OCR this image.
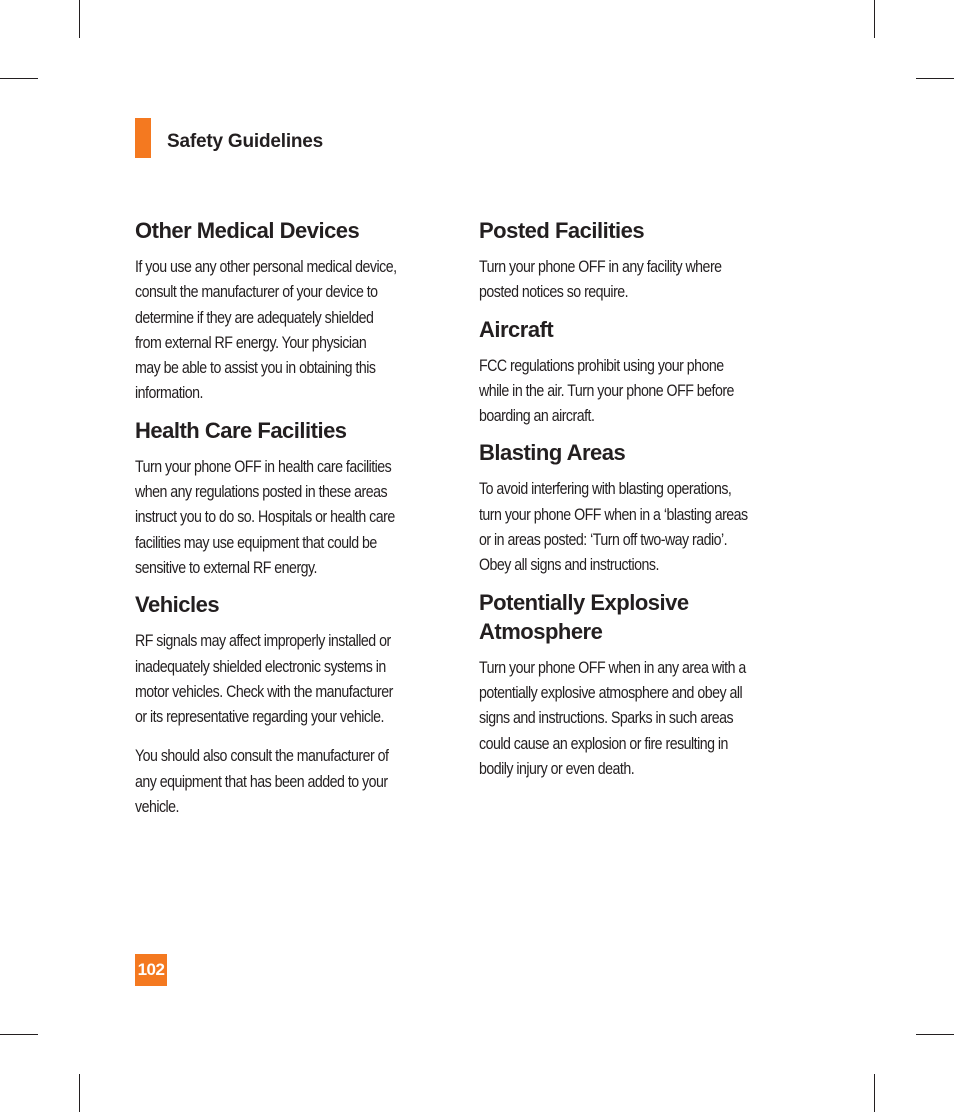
Safety Guidelines
Other Medical Devices

If you use any other personal medical device,
consult the manufacturer of your device to
determine if they are adequately shielded
from external RF energy. Your physician
may be able to assist you in obtaining this
information.

Health Care Facilities

Turn your phone OFF in health care facilities
when any regulations posted in these areas
instruct you to do so. Hospitals or health care
facilities may use equipment that could be
sensitive to external RF energy.

Vehicles

RF signals may affect improperly installed or
inadequately shielded electronic systems in
motor vehicles. Check with the manufacturer
or its representative regarding your vehicle.

You should also consult the manufacturer of
any equipment that has been added to your
vehicle.

Posted Facilities

Turn your phone OFF in any facility where
posted notices so require.

Aircraft

FCC regulations prohibit using your phone
while in the air. Turn your phone OFF before
boarding an aircraft.

Blasting Areas

To avoid interfering with blasting operations,
turn your phone OFF when in a ‘blasting areas
or in areas posted: ‘Turn off two-way radio’.
Obey all signs and instructions.

Potentially Explosive
Atmosphere

Turn your phone OFF when in any area with a
potentially explosive atmosphere and obey all
signs and instructions. Sparks in such areas
could cause an explosion or fire resulting in
bodily injury or even death.

102
